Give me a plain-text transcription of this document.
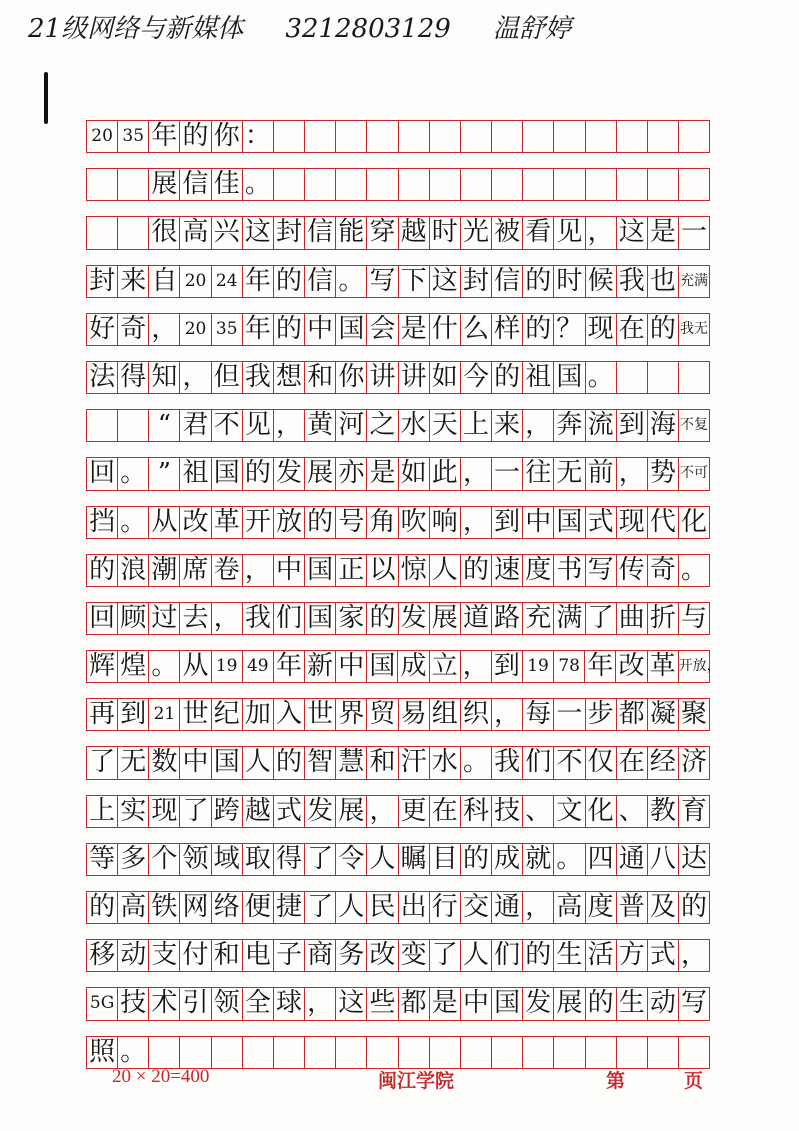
21级网络与新媒体 3212803129 温舒婷
20 35 年 的 你 ：
展 信 佳 。
很 高 兴 这 封 信 能 穿 越 时 光 被 看 见 ， 这 是 一
封 来 自 20 24 年 的 信 。 写 下 这 封 信 的 时 候 我 也 充满
好 奇 ， 20 35 年 的 中 国 会 是 什 么 样 的 ？ 现 在 的 我无
法 得 知 ， 但 我 想 和 你 讲 讲 如 今 的 祖 国 。
“ 君 不 见 ， 黄 河 之 水 天 上 来 ， 奔 流 到 海 不复
回 。 ” 祖 国 的 发 展 亦 是 如 此 ， 一 往 无 前 ， 势 不可
挡 。 从 改 革 开 放 的 号 角 吹 响 ， 到 中 国 式 现 代 化
的 浪 潮 席 卷 ， 中 国 正 以 惊 人 的 速 度 书 写 传 奇 。
回 顾 过 去 ， 我 们 国 家 的 发 展 道 路 充 满 了 曲 折 与
辉 煌 。 从 19 49 年 新 中 国 成 立 ， 到 19 78 年 改 革 开放，
再 到 21 世 纪 加 入 世 界 贸 易 组 织 ， 每 一 步 都 凝 聚
了 无 数 中 国 人 的 智 慧 和 汗 水 。 我 们 不 仅 在 经 济
上 实 现 了 跨 越 式 发 展 ， 更 在 科 技 、 文 化 、 教 育
等 多 个 领 域 取 得 了 令 人 瞩 目 的 成 就 。 四 通 八 达
的 高 铁 网 络 便 捷 了 人 民 出 行 交 通 ， 高 度 普 及 的
移 动 支 付 和 电 子 商 务 改 变 了 人 们 的 生 活 方 式 ，
5G 技 术 引 领 全 球 ， 这 些 都 是 中 国 发 展 的 生 动 写
照 。
20 × 20=400	闽江学院	第	页
